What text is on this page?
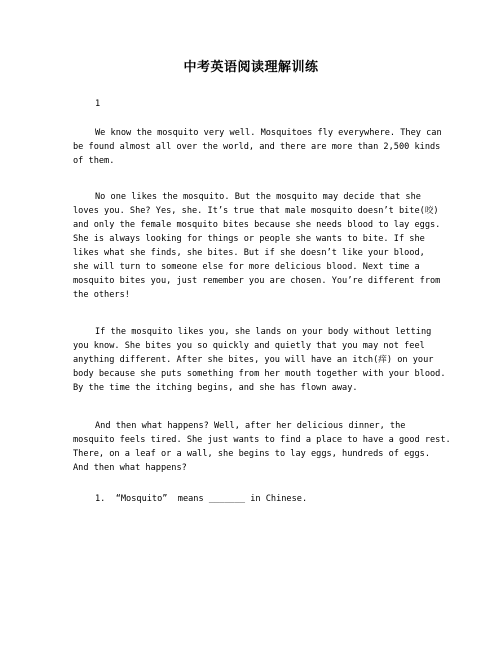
中考英语阅读理解训练
1
We know the mosquito very well. Mosquitoes fly everywhere. They can
be found almost all over the world, and there are more than 2,500 kinds
of them.
No one likes the mosquito. But the mosquito may decide that she
loves you. She? Yes, she. It’s true that male mosquito doesn’t bite(咬)
and only the female mosquito bites because she needs blood to lay eggs.
She is always looking for things or people she wants to bite. If she
likes what she finds, she bites. But if she doesn’t like your blood,
she will turn to someone else for more delicious blood. Next time a
mosquito bites you, just remember you are chosen. You’re different from
the others!
If the mosquito likes you, she lands on your body without letting
you know. She bites you so quickly and quietly that you may not feel
anything different. After she bites, you will have an itch(痒) on your
body because she puts something from her mouth together with your blood.
By the time the itching begins, and she has flown away.
And then what happens? Well, after her delicious dinner, the
mosquito feels tired. She just wants to find a place to have a good rest.
There, on a leaf or a wall, she begins to lay eggs, hundreds of eggs.
And then what happens?
1.  “Mosquito”  means _______ in Chinese.
